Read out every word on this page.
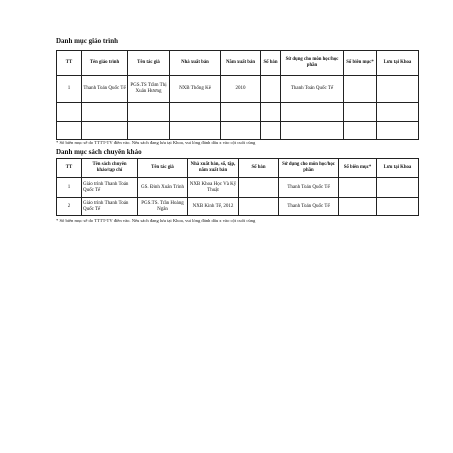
Danh mục giáo trình
TT	Tên giáo trình	Tên tác giả	Nhà xuất bản	Năm xuất bản	Số bản	Sử dụng cho môn học/học phần	Số biên mục*	Lưu tại Khoa
1	Thanh Toán Quốc Tế	PGS.TS Trầm Thị Xuân Hương	NXB Thống Kê	2010		Thanh Toán Quốc Tế		

* Số biên mục sẽ do TTTT-TV điền vào. Nếu sách đang lưu tại Khoa, vui lòng đánh dấu x vào cột cuối cùng
Danh mục sách chuyên khảo
TT	Tên sách chuyên khảo/tạp chí	Tên tác giả	Nhà xuất bản, số, tập, năm xuất bản	Số bản	Sử dụng cho môn học/học phần	Số biên mục*	Lưu tại Khoa
1	Giáo trình Thanh Toán Quốc Tế	GS. Đinh Xuân Trình	NXB Khoa Học Và Kỹ Thuật		Thanh Toán Quốc Tế		
2	Giáo trình Thanh Toán Quốc Tế	PGS.TS. Trần Hoàng Ngân	NXB Kinh Tế, 2012		Thanh Toán Quốc Tế		
* Số biên mục sẽ do TTTT-TV điền vào. Nếu sách đang lưu tại Khoa, vui lòng đánh dấu x vào cột cuối cùng
